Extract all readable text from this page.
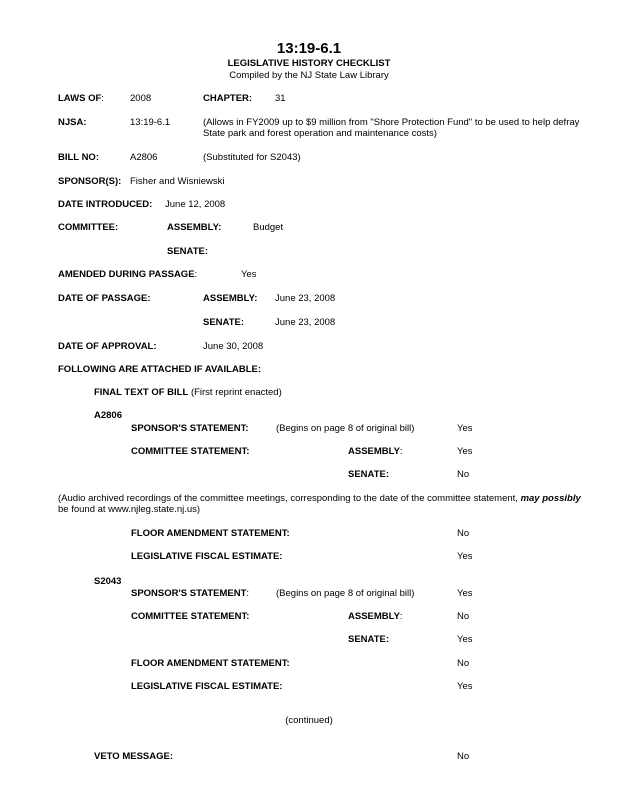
13:19-6.1
LEGISLATIVE HISTORY CHECKLIST
Compiled by the NJ State Law Library
LAWS OF:	2008	CHAPTER: 31
NJSA:	13:19-6.1	(Allows in FY2009 up to $9 million from "Shore Protection Fund" to be used to help defray
State park and forest operation and maintenance costs)
BILL NO:	A2806	(Substituted for S2043)
SPONSOR(S): Fisher and Wisniewski
DATE INTRODUCED: June 12, 2008
COMMITTEE:	ASSEMBLY:	Budget
SENATE:
AMENDED DURING PASSAGE:	Yes
DATE OF PASSAGE:	ASSEMBLY: June 23, 2008
SENATE:	June 23, 2008
DATE OF APPROVAL:	June 30, 2008
FOLLOWING ARE ATTACHED IF AVAILABLE:
FINAL TEXT OF BILL (First reprint enacted)
A2806
SPONSOR'S STATEMENT:	(Begins on page 8 of original bill)	Yes
COMMITTEE STATEMENT:	ASSEMBLY:	Yes
SENATE:	No
(Audio archived recordings of the committee meetings, corresponding to the date of the committee statement, may possibly
be found at www.njleg.state.nj.us)
FLOOR AMENDMENT STATEMENT:	No
LEGISLATIVE FISCAL ESTIMATE:	Yes
S2043
SPONSOR'S STATEMENT:	(Begins on page 8 of original bill)	Yes
COMMITTEE STATEMENT:	ASSEMBLY:	No
SENATE:	Yes
FLOOR AMENDMENT STATEMENT:	No
LEGISLATIVE FISCAL ESTIMATE:	Yes
(continued)
VETO MESSAGE:	No
